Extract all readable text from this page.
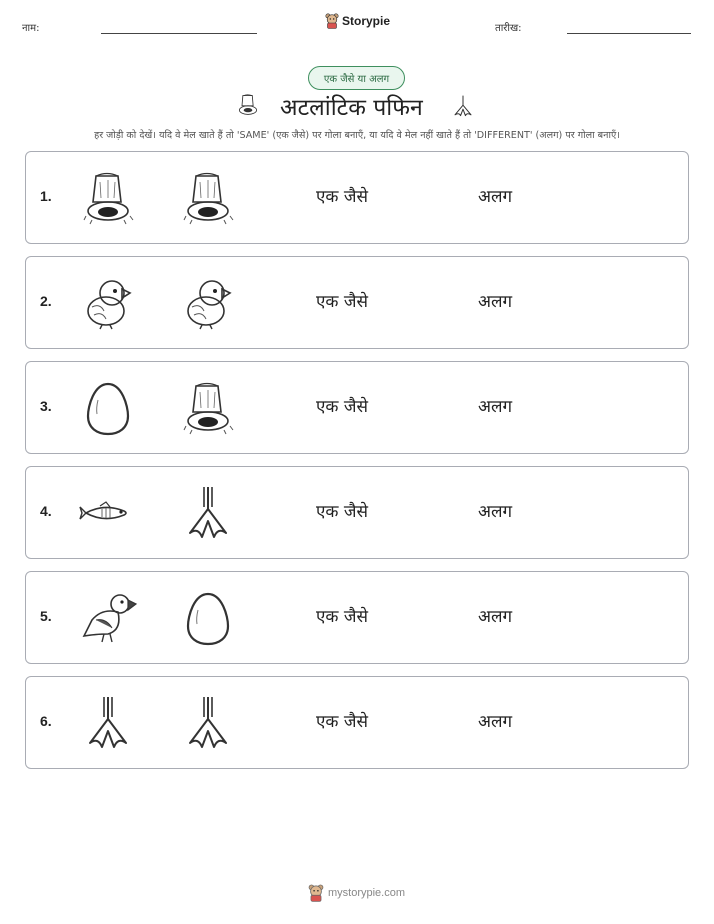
नाम:
Storypie
तारीख:
एक जैसे या अलग
अटलांटिक पफिन

हर जोड़ी को देखें। यदि वे मेल खाते हैं तो 'SAME' (एक जैसे) पर गोला बनाएँ, या यदि वे मेल नहीं खाते हैं तो 'DIFFERENT' (अलग) पर गोला बनाएँ।

1.	एक जैसे	अलग
2.	एक जैसे	अलग
3.	एक जैसे	अलग
4.	एक जैसे	अलग
5.	एक जैसे	अलग
6.	एक जैसे	अलग
mystorypie.com
